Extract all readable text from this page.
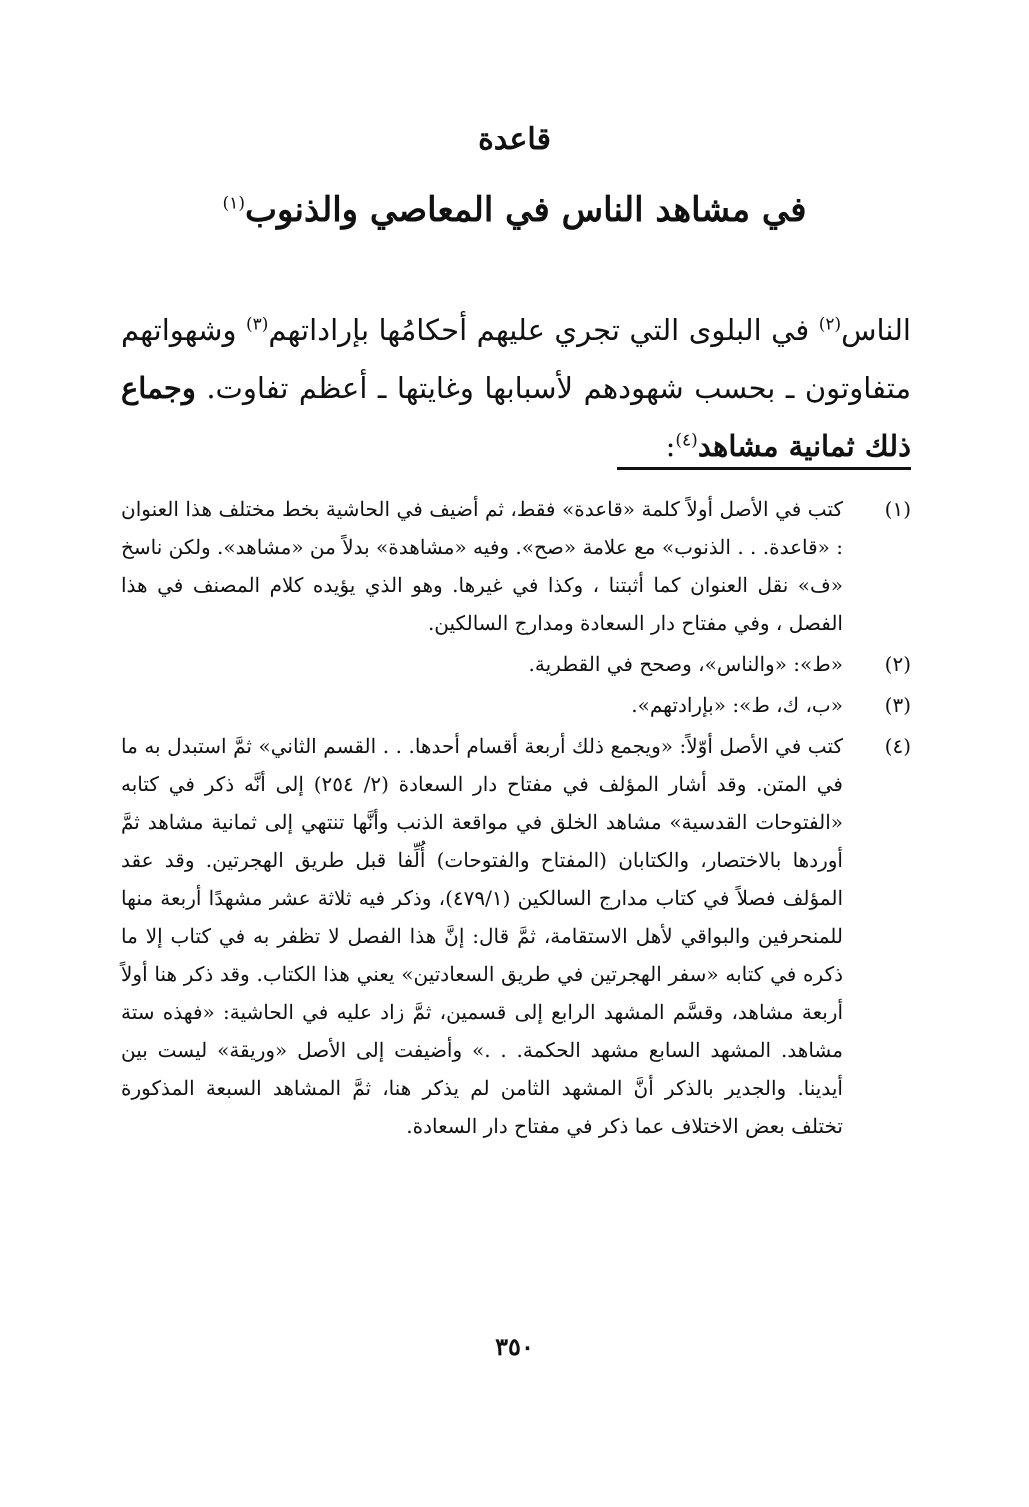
قاعدة
في مشاهد الناس في المعاصي والذنوب$^{(١)}$

الناس$^{(٢)}$ في البلوى التي تجري عليهم أحكامُها بإراداتهم$^{(٣)}$ وشهواتهم متفاوتون ـ بحسب شهودهم لأسبابها وغايتها ـ أعظم تفاوت. وجماع ذلك ثمانية مشاهد$^{(٤)}$:

(١)
كتب في الأصل أولاً كلمة «قاعدة» فقط، ثم أضيف في الحاشية بخط مختلف هذا العنوان : «قاعدة. . . الذنوب» مع علامة «صح». وفيه «مشاهدة» بدلاً من «مشاهد». ولكن ناسخ «ف» نقل العنوان كما أثبتنا ، وكذا في غيرها. وهو الذي يؤيده كلام المصنف في هذا الفصل ، وفي مفتاح دار السعادة ومدارج السالكين.
(٢)
«ط»: «والناس»، وصحح في القطرية.
(٣)
«ب، ك، ط»: «بإرادتهم».
(٤)
كتب في الأصل أوّلاً: «ويجمع ذلك أربعة أقسام أحدها. . . القسم الثاني» ثمَّ استبدل به ما في المتن. وقد أشار المؤلف في مفتاح دار السعادة (٢/ ٢٥٤) إلى أنَّه ذكر في كتابه «الفتوحات القدسية» مشاهد الخلق في مواقعة الذنب وأنَّها تنتهي إلى ثمانية مشاهد ثمَّ أوردها بالاختصار، والكتابان (المفتاح والفتوحات) أُلِّفا قبل طريق الهجرتين. وقد عقد المؤلف فصلاً في كتاب مدارج السالكين (٤٧٩/١)، وذكر فيه ثلاثة عشر مشهدًا أربعة منها للمنحرفين والبواقي لأهل الاستقامة، ثمَّ قال: إنَّ هذا الفصل لا تظفر به في كتاب إلا ما ذكره في كتابه «سفر الهجرتين في طريق السعادتين» يعني هذا الكتاب. وقد ذكر هنا أولاً أربعة مشاهد، وقسَّم المشهد الرابع إلى قسمين، ثمَّ زاد عليه في الحاشية: «فهذه ستة مشاهد. المشهد السابع مشهد الحكمة. . .» وأضيفت إلى الأصل «وريقة» ليست بين أيدينا. والجدير بالذكر أنَّ المشهد الثامن لم يذكر هنا، ثمَّ المشاهد السبعة المذكورة تختلف بعض الاختلاف عما ذكر في مفتاح دار السعادة.
٣٥٠
